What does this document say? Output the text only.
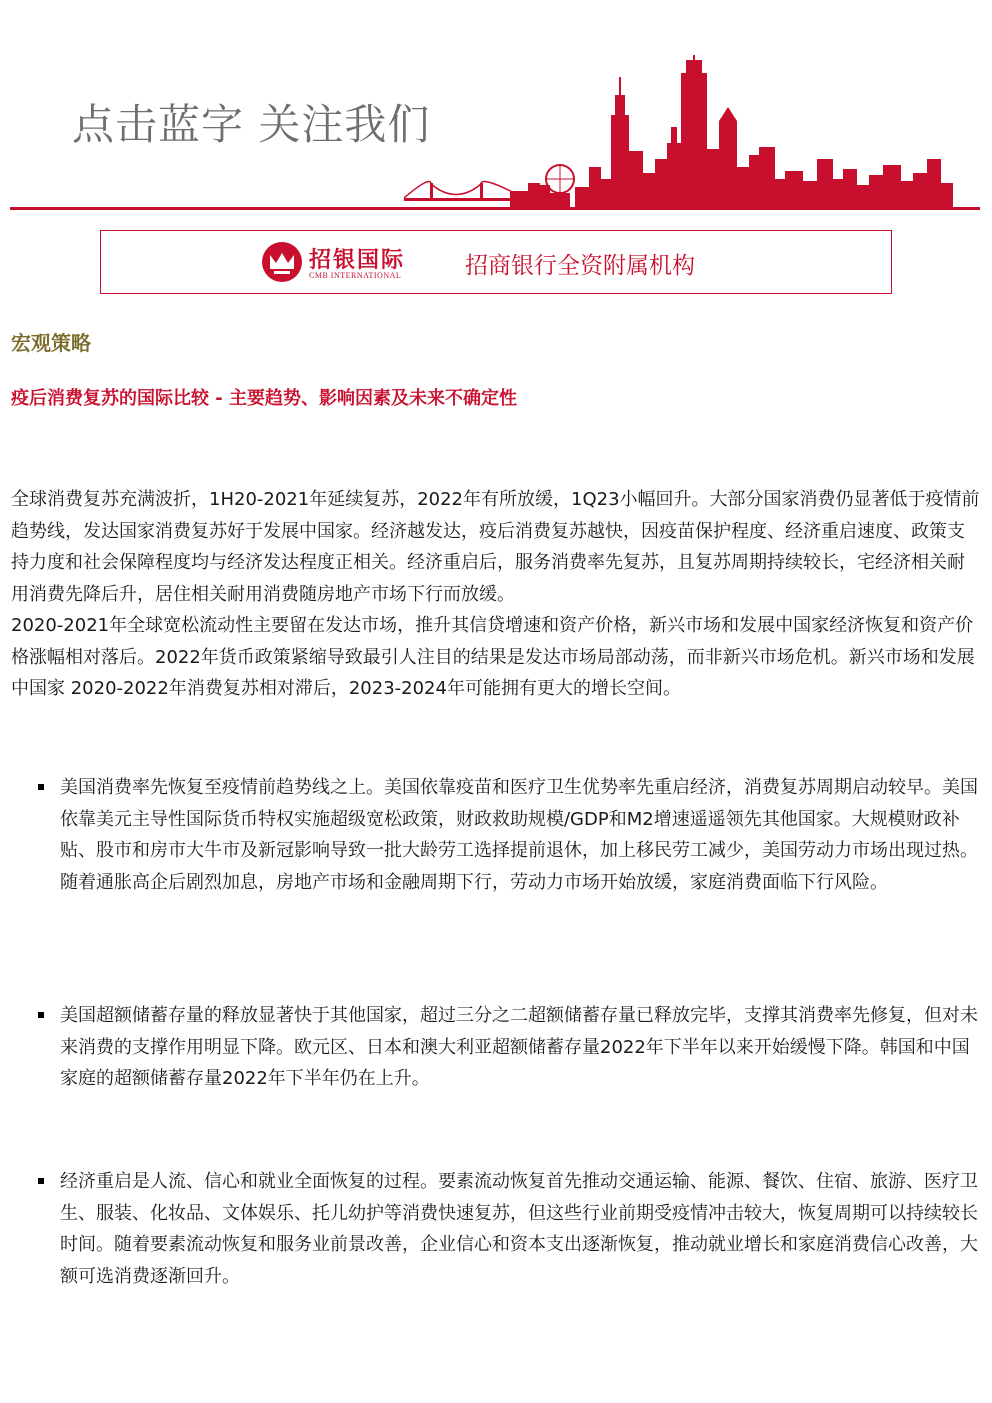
点击蓝字 关注我们
招银国际
CMB INTERNATIONAL	招商银行全资附属机构
宏观策略
疫后消费复苏的国际比较 - 主要趋势、影响因素及未来不确定性

全球消费复苏充满波折，1H20-2021年延续复苏，2022年有所放缓，1Q23小幅回升。大部分国家消费仍显著低于疫情前趋势线，发达国家消费复苏好于发展中国家。经济越发达，疫后消费复苏越快，因疫苗保护程度、经济重启速度、政策支持力度和社会保障程度均与经济发达程度正相关。经济重启后，服务消费率先复苏，且复苏周期持续较长，宅经济相关耐用消费先降后升，居住相关耐用消费随房地产市场下行而放缓。

2020-2021年全球宽松流动性主要留在发达市场，推升其信贷增速和资产价格，新兴市场和发展中国家经济恢复和资产价格涨幅相对落后。2022年货币政策紧缩导致最引人注目的结果是发达市场局部动荡，而非新兴市场危机。新兴市场和发展中国家 2020-2022年消费复苏相对滞后，2023-2024年可能拥有更大的增长空间。

美国消费率先恢复至疫情前趋势线之上。美国依靠疫苗和医疗卫生优势率先重启经济，消费复苏周期启动较早。美国依靠美元主导性国际货币特权实施超级宽松政策，财政救助规模/GDP和M2增速遥遥领先其他国家。大规模财政补贴、股市和房市大牛市及新冠影响导致一批大龄劳工选择提前退休，加上移民劳工减少，美国劳动力市场出现过热。随着通胀高企后剧烈加息，房地产市场和金融周期下行，劳动力市场开始放缓，家庭消费面临下行风险。
美国超额储蓄存量的释放显著快于其他国家，超过三分之二超额储蓄存量已释放完毕，支撑其消费率先修复，但对未来消费的支撑作用明显下降。欧元区、日本和澳大利亚超额储蓄存量2022年下半年以来开始缓慢下降。韩国和中国家庭的超额储蓄存量2022年下半年仍在上升。
经济重启是人流、信心和就业全面恢复的过程。要素流动恢复首先推动交通运输、能源、餐饮、住宿、旅游、医疗卫生、服装、化妆品、文体娱乐、托儿幼护等消费快速复苏，但这些行业前期受疫情冲击较大，恢复周期可以持续较长时间。随着要素流动恢复和服务业前景改善，企业信心和资本支出逐渐恢复，推动就业增长和家庭消费信心改善，大额可选消费逐渐回升。
